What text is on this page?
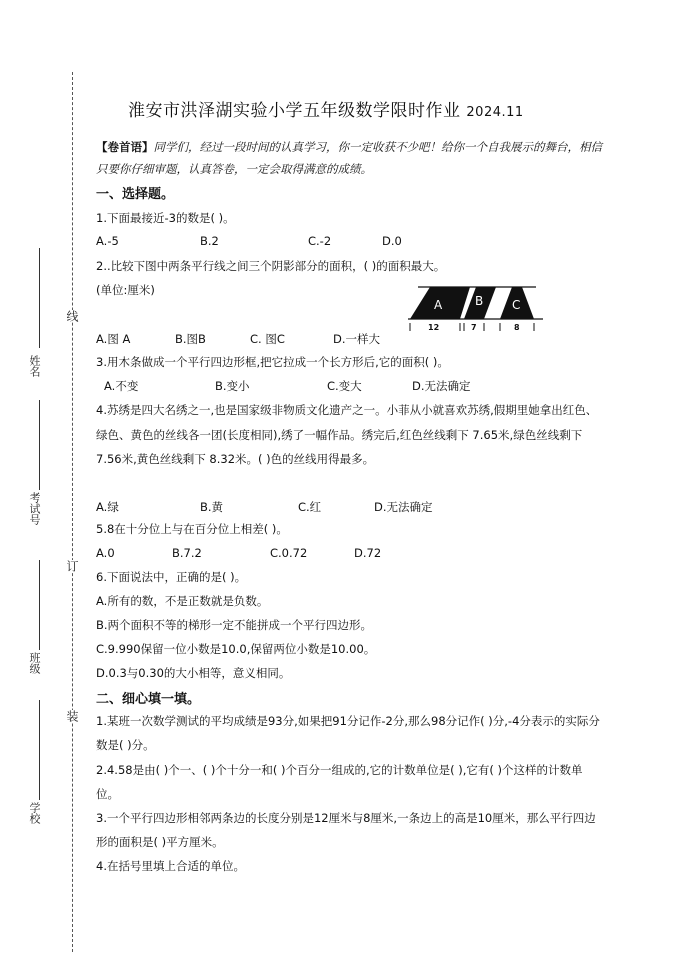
线
订
装
姓名
考试号
班级
学校
淮安市洪泽湖实验小学五年级数学限时作业 2024.11
【卷首语】同学们，经过一段时间的认真学习，你一定收获不少吧！给你一个自我展示的舞台，相信只要你仔细审题，认真答卷，一定会取得满意的成绩。
一、选择题。
1.下面最接近-3的数是( )。
A.-5	B.2	C.-2	D.0
2..比较下图中两条平行线之间三个阴影部分的面积，( )的面积最大。
(单位:厘米)
A	B C
12	7	8
A.图 A	B.图B	C. 图C	D.一样大
3.用木条做成一个平行四边形框,把它拉成一个长方形后,它的面积( )。
A.不变	B.变小	C.变大	D.无法确定
4.苏绣是四大名绣之一,也是国家级非物质文化遗产之一。小菲从小就喜欢苏绣,假期里她拿出红色、绿色、黄色的丝线各一团(长度相同),绣了一幅作品。绣完后,红色丝线剩下 7.65米,绿色丝线剩下 7.56米,黄色丝线剩下 8.32米。( )色的丝线用得最多。
A.绿	B.黄	C.红	D.无法确定
5.8在十分位上与在百分位上相差( )。
A.0	B.7.2	C.0.72	D.72
6.下面说法中，正确的是( )。
A.所有的数，不是正数就是负数。
B.两个面积不等的梯形一定不能拼成一个平行四边形。
C.9.990保留一位小数是10.0,保留两位小数是10.00。
D.0.3与0.30的大小相等，意义相同。
二、细心填一填。
1.某班一次数学测试的平均成绩是93分,如果把91分记作-2分,那么98分记作( )分,-4分表示的实际分数是( )分。
2.4.58是由( )个一、( )个十分一和( )个百分一组成的,它的计数单位是( ),它有( )个这样的计数单位。
3.一个平行四边形相邻两条边的长度分别是12厘米与8厘米,一条边上的高是10厘米，那么平行四边形的面积是( )平方厘米。
4.在括号里填上合适的单位。
